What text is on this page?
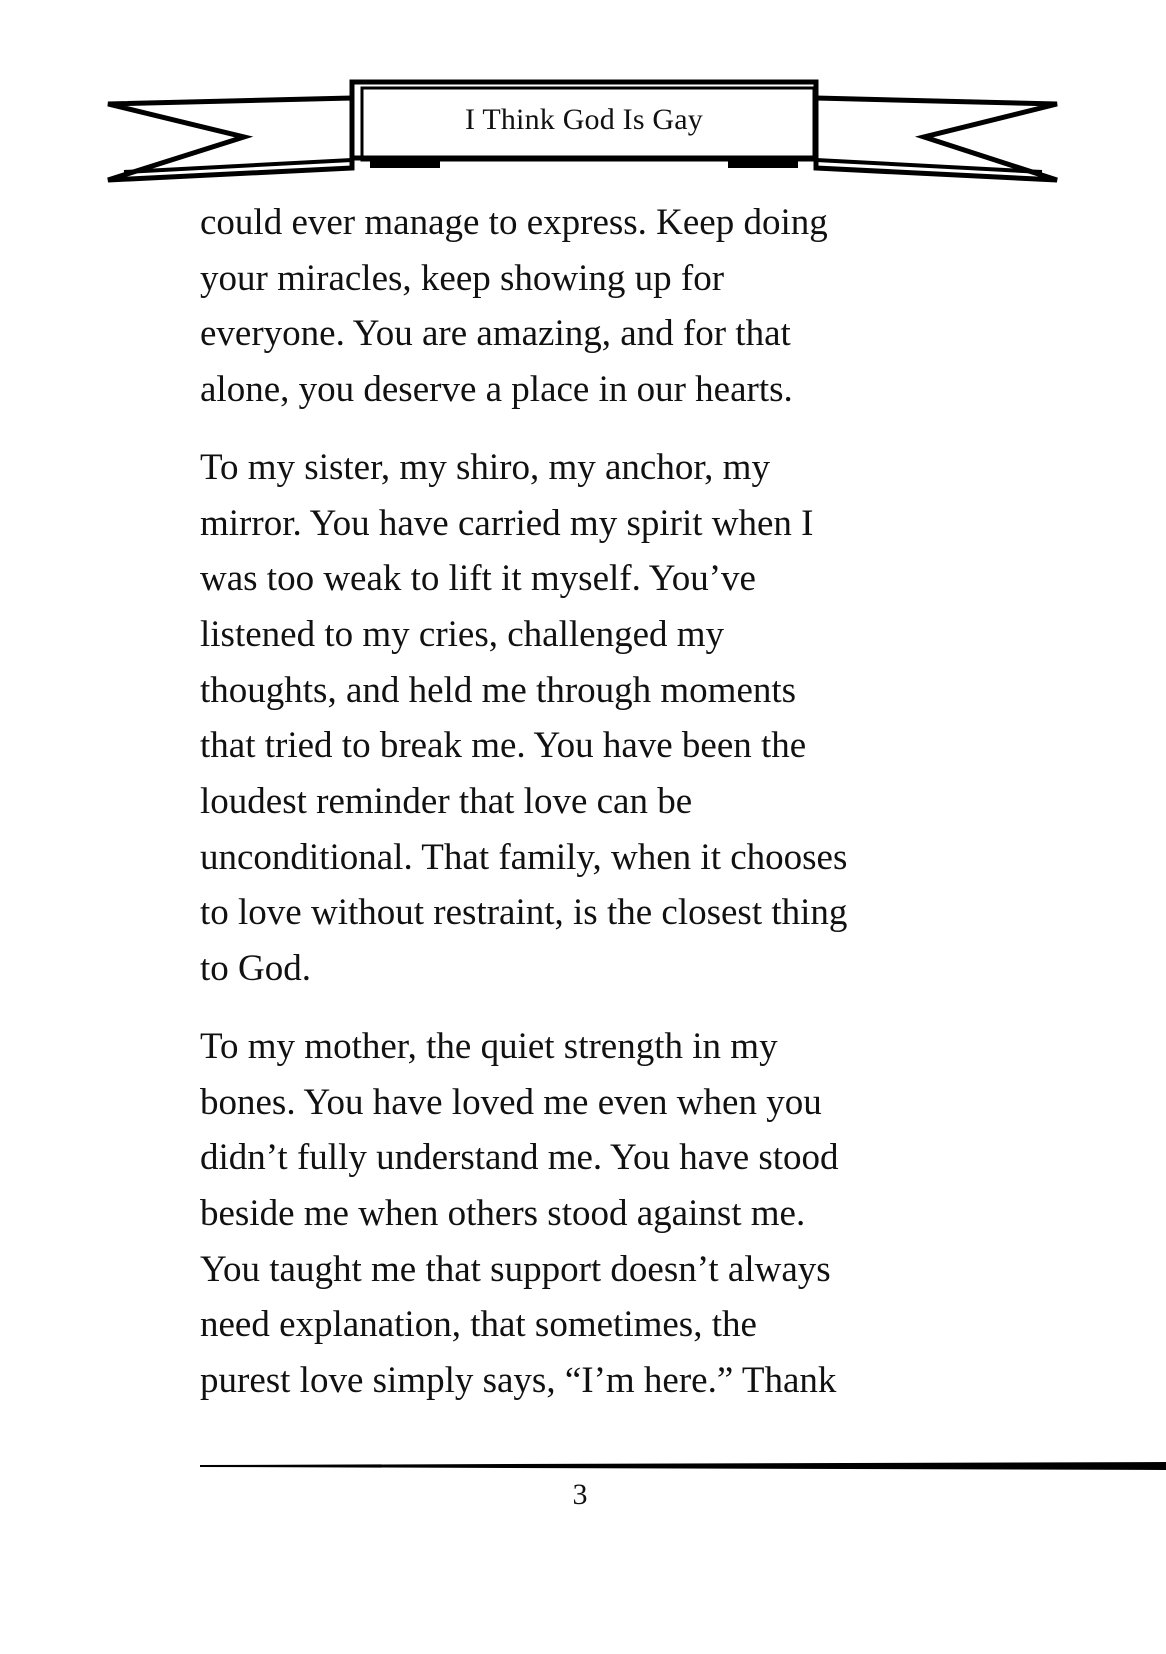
I Think God Is Gay

could ever manage to express. Keep doing
your miracles, keep showing up for
everyone. You are amazing, and for that
alone, you deserve a place in our hearts.

To my sister, my shiro, my anchor, my
mirror. You have carried my spirit when I
was too weak to lift it myself. You’ve
listened to my cries, challenged my
thoughts, and held me through moments
that tried to break me. You have been the
loudest reminder that love can be
unconditional. That family, when it chooses
to love without restraint, is the closest thing
to God.

To my mother, the quiet strength in my
bones. You have loved me even when you
didn’t fully understand me. You have stood
beside me when others stood against me.
You taught me that support doesn’t always
need explanation, that sometimes, the
purest love simply says, “I’m here.” Thank

3
